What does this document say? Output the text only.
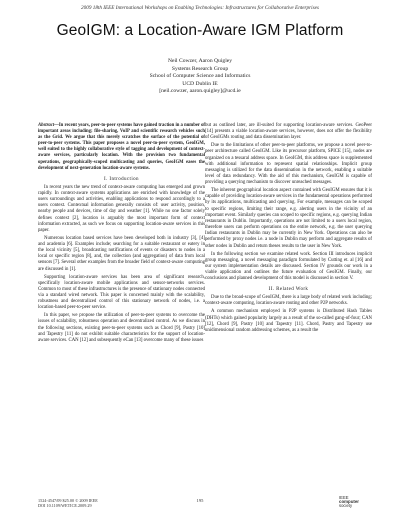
2009 18th IEEE International Workshops on Enabling Technologies: Infrastructures for Collaborative Enterprises
GeoIGM: a Location-Aware IGM Platform
Neil Cowzer, Aaron Quigley
Systems Research Group
School of Computer Science and Informatics
UCD Dublin IE
[neil.cowzer, aaron.quigley]@ucd.ie
Abstract—In recent years, peer-to-peer systems have gained traction in a number of important areas including; file-sharing, VoIP and scientific research vehicles such as the Grid. We argue that this merely scratches the surface of the potential of peer-to-peer systems. This paper proposes a novel peer-to-peer system, GeoIGM, well suited to the highly collaborative style of tagging and development of context-aware services, particularly location. With the provision two fundamental operations, geographically-scoped multicasting and queries, GeoIGM eases the development of next-generation location-aware systems.
I. Introduction

In recent years the new trend of context-aware computing has emerged and grown rapidly. In context-aware systems applications are enriched with knowledge of the users surroundings and activities, enabling applications to respond accordingly to a users context. Contextual information generally consists of: user activity, position, nearby people and devices, time of day and weather [1]. While no one factor solely defines context [2], location is arguably the most important form of context information extracted, as such we focus on supporting location-aware services in this paper.

Numerous location based services have been developed both in industry [3], [4] and academia [6]. Examples include; searching for a suitable restaurant or eatery in the local vicinity [5], broadcasting notifications of events or disasters to nodes in a local or specific region [8], and, the collection (and aggregation) of data from local sensors [7]. Several other examples from the broader field of context-aware computing are discussed in [1].

Supporting location-aware services has been area of significant research, specifically location-aware mobile applications and sensor-networks services. Common to most of these infrastructures is the presence of stationary nodes connected via a standard wired network. This paper is concerned mainly with the scalability, robustness and decentralized control of this stationary network of nodes, i.e. a location-based peer-to-peer service.

In this paper, we propose the utilization of peer-to-peer systems to overcome the issues of scalability, robustness operation and decentralized control. As we discuss in the following sections, existing peer-to-peer systems such as Chord [9], Pastry [10] and Tapestry [11] do not exhibit suitable characteristics for the support of location-aware services. CAN [12] and subsequently eCan [13] overcome many of these issues

but as outlined later, are ill-suited for supporting location-aware services. GeoPeer [14] presents a viable location-aware services, however, does not offer the flexibility of GeoIGMs routing and data dissemination layer.

Due to the limitations of other peer-to-peer platforms, we propose a novel peer-to-peer architecture called GeoIGM. Like its precursor platform, SPICE [15], nodes are organized on a tessaral address space. In GeoIGM, this address space is supplemented with additional information to represent spatial relationships. Implicit group messaging is utilized for the data dissemination in the network, enabling a suitable level of data redundancy. With the aid of this mechanism, GeoIGM is capable of providing a querying mechanism to discover unreached messages.

The inherent geographical location aspect contained with GeoIGM ensures that it is capable of providing location-aware services in the fundamental operations performed by its applications, multicasting and querying. For example, messages can be scoped to specific regions, limiting their range, e.g. alerting users in the vicinity of an important event. Similarly queries can scoped to specific regions, e.g. querying Indian restaurants in Dublin. Importantly, operations are not limited to a users local region, therefore users can perform operations on the entire network, e.g. the user querying Indian restaurants in Dublin may be currently in New York. Operations can also be performed by proxy nodes i.e. a node in Dublin may perform and aggregate results of other nodes in Dublin and return theses results to the user in New York.

In the following section we examine related work. Section III introduces implicit group messaging, a novel messaging paradigm formulated by Cutting et. al [16] and our system implementation details are discussed. Section IV grounds our work in a viable application and outlines the future evaluation of GeoIGM. Finally, our conclusions and planned development of this model is discussed in section V.

II. Related Work

Due to the broad-scope of GeoIGM, there is a large body of related work including; context-aware computing, location-aware routing and other P2P networks.

A common mechanism employed in P2P systems is Distributed Hash Tables (DHTs) which gained popularity largely as a result of the so-called gang-of-four; CAN [12], Chord [9], Pastry [10] and Tapestry [11]. Chord, Pastry and Tapestry use unidimensional random addressing schemes, as a result the

1524-4547/09 $25.00 © 2009 IEEE
DOI 10.1109/WETICE.2009.29
195
IEEE
computer
society
